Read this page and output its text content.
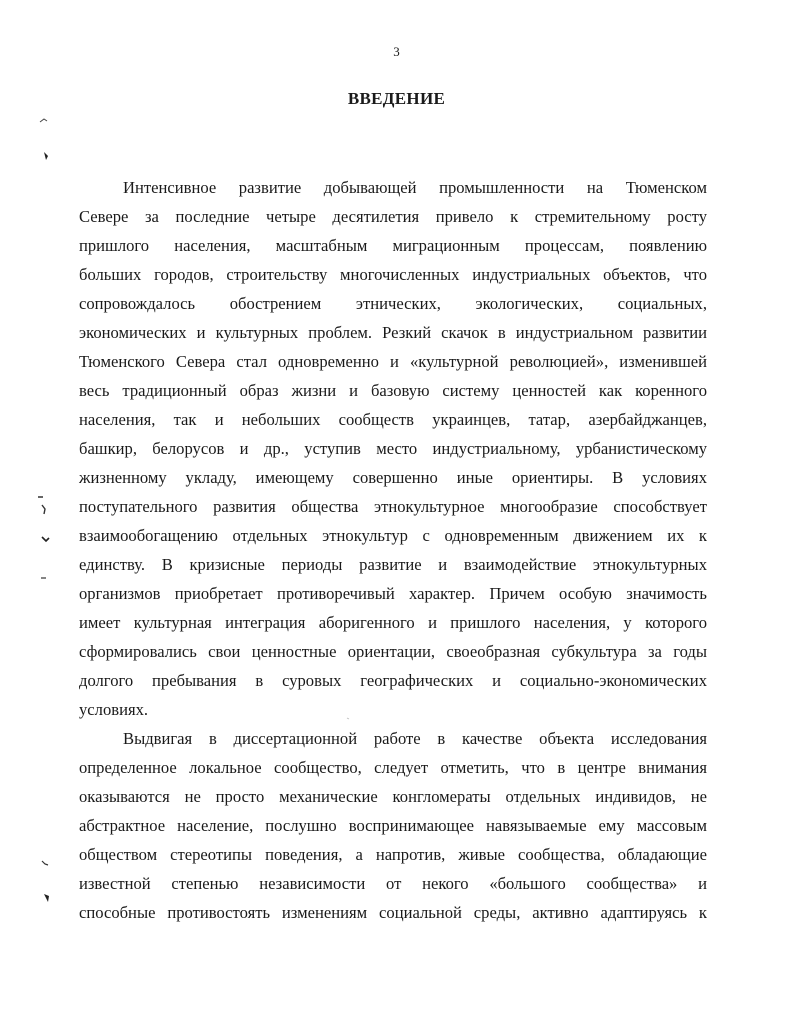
3
ВВЕДЕНИЕ
Интенсивное развитие добывающей промышленности на Тюменском
Севере за последние четыре десятилетия привело к стремительному росту
пришлого населения, масштабным миграционным процессам, появлению
больших городов, строительству многочисленных индустриальных объектов, что
сопровождалось обострением этнических, экологических, социальных,
экономических и культурных проблем. Резкий скачок в индустриальном развитии
Тюменского Севера стал одновременно и «культурной революцией», изменившей
весь традиционный образ жизни и базовую систему ценностей как коренного
населения, так и небольших сообществ украинцев, татар, азербайджанцев,
башкир, белорусов и др., уступив место индустриальному, урбанистическому
жизненному укладу, имеющему совершенно иные ориентиры. В условиях
поступательного развития общества этнокультурное многообразие способствует
взаимообогащению отдельных этнокультур с одновременным движением их к
единству. В кризисные периоды развитие и взаимодействие этнокультурных
организмов приобретает противоречивый характер. Причем особую значимость
имеет культурная интеграция аборигенного и пришлого населения, у которого
сформировались свои ценностные ориентации, своеобразная субкультура за годы
долгого пребывания в суровых географических и социально-экономических
условиях.
Выдвигая в диссертационной работе в качестве объекта исследования
определенное локальное сообщество, следует отметить, что в центре внимания
оказываются не просто механические конгломераты отдельных индивидов, не
абстрактное население, послушно воспринимающее навязываемые ему массовым
обществом стереотипы поведения, а напротив, живые сообщества, обладающие
известной степенью независимости от некого «большого сообщества» и
способные противостоять изменениям социальной среды, активно адаптируясь к
